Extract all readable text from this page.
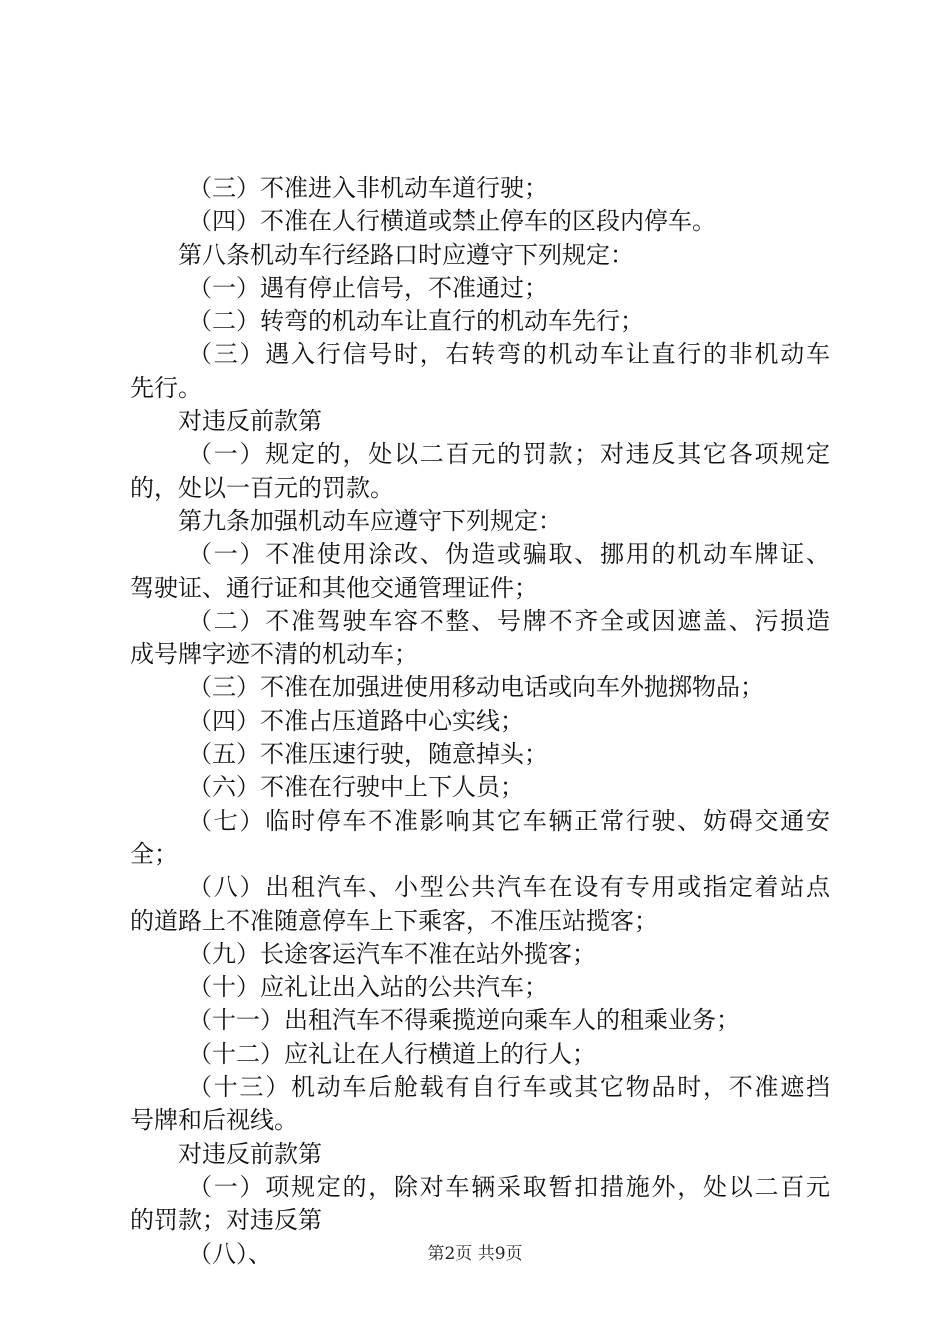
（三）不准进入非机动车道行驶；
（四）不准在人行横道或禁止停车的区段内停车。
第八条机动车行经路口时应遵守下列规定：
（一）遇有停止信号，不准通过；
（二）转弯的机动车让直行的机动车先行；
（三）遇入行信号时，右转弯的机动车让直行的非机动车
先行。
对违反前款第
（一）规定的，处以二百元的罚款；对违反其它各项规定
的，处以一百元的罚款。
第九条加强机动车应遵守下列规定：
（一）不准使用涂改、伪造或骗取、挪用的机动车牌证、
驾驶证、通行证和其他交通管理证件；
（二）不准驾驶车容不整、号牌不齐全或因遮盖、污损造
成号牌字迹不清的机动车；
（三）不准在加强进使用移动电话或向车外抛掷物品；
（四）不准占压道路中心实线；
（五）不准压速行驶，随意掉头；
（六）不准在行驶中上下人员；
（七）临时停车不准影响其它车辆正常行驶、妨碍交通安
全；
（八）出租汽车、小型公共汽车在设有专用或指定着站点
的道路上不准随意停车上下乘客，不准压站揽客；
（九）长途客运汽车不准在站外揽客；
（十）应礼让出入站的公共汽车；
（十一）出租汽车不得乘揽逆向乘车人的租乘业务；
（十二）应礼让在人行横道上的行人；
（十三）机动车后舱载有自行车或其它物品时，不准遮挡
号牌和后视线。
对违反前款第
（一）项规定的，除对车辆采取暂扣措施外，处以二百元
的罚款；对违反第
（八）、	第2页 共9页
